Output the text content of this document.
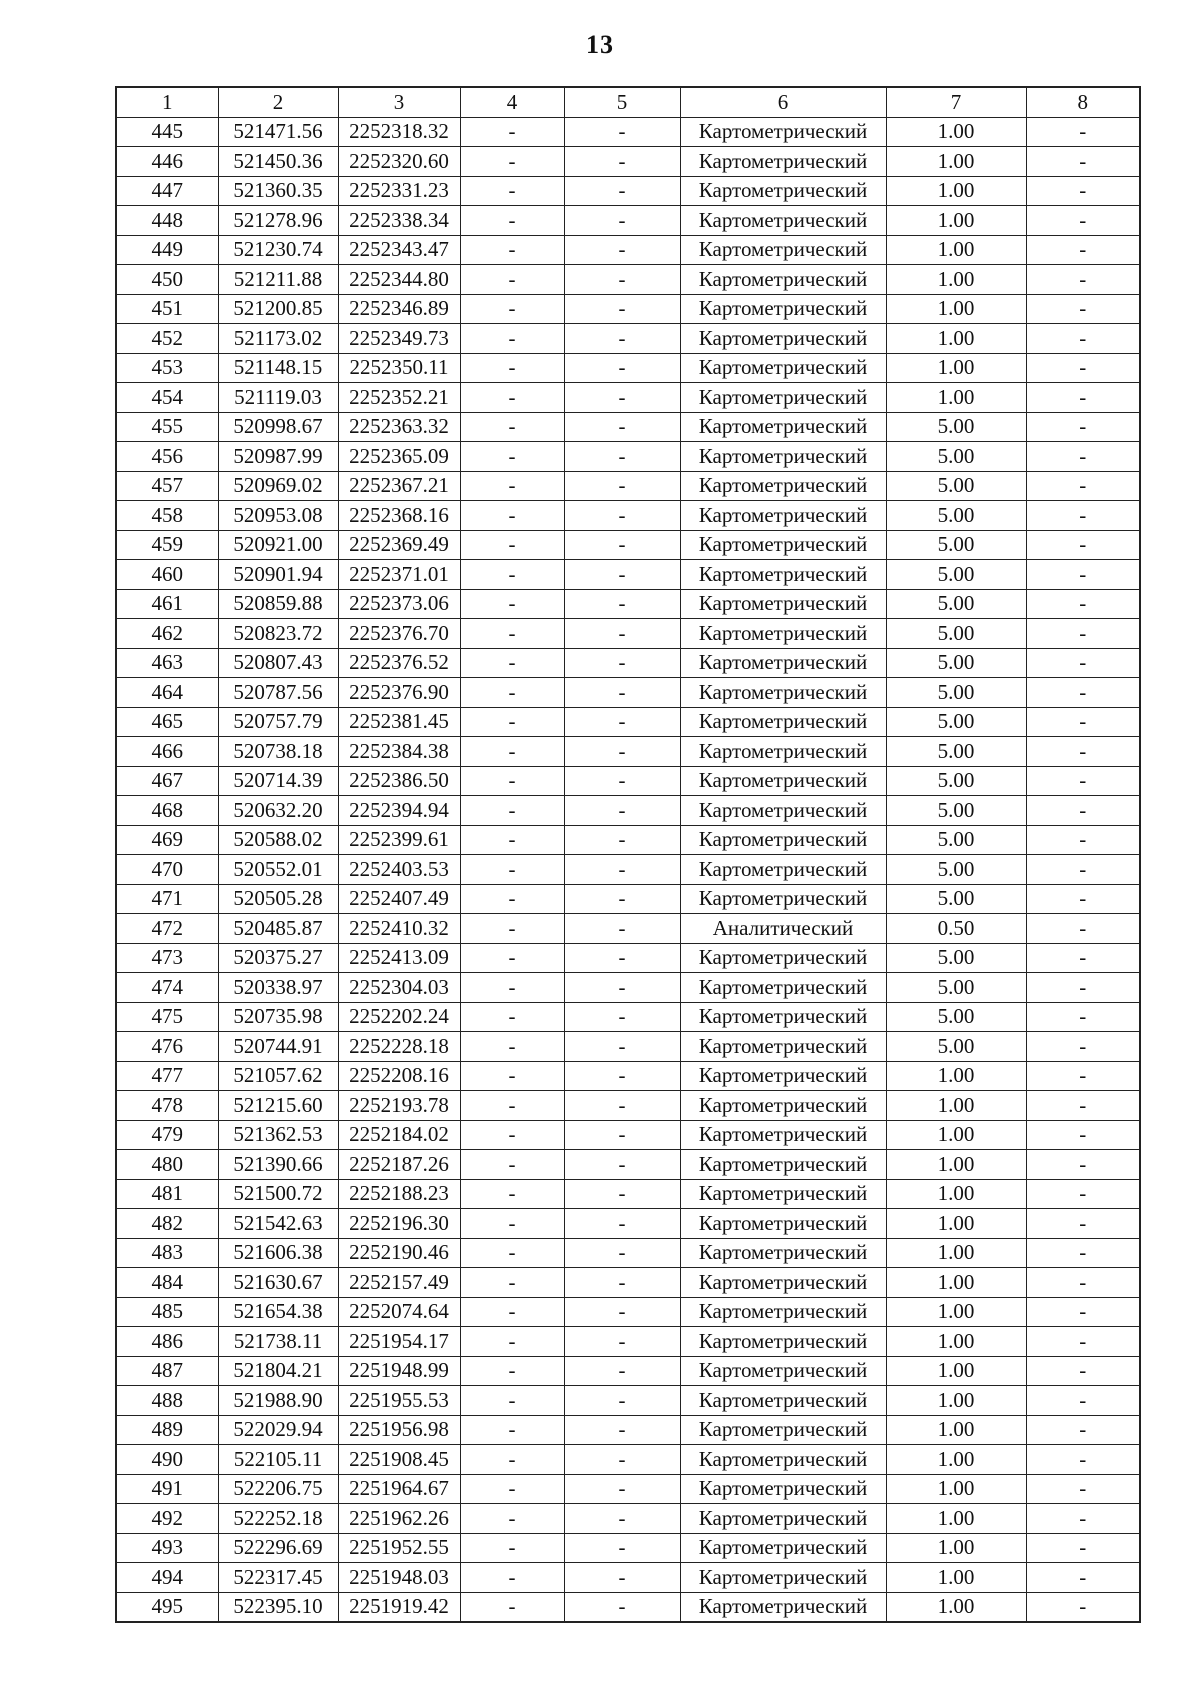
13
1	2	3	4	5	6	7	8
445	521471.56	2252318.32	-	-	Картометрический	1.00	-
446	521450.36	2252320.60	-	-	Картометрический	1.00	-
447	521360.35	2252331.23	-	-	Картометрический	1.00	-
448	521278.96	2252338.34	-	-	Картометрический	1.00	-
449	521230.74	2252343.47	-	-	Картометрический	1.00	-
450	521211.88	2252344.80	-	-	Картометрический	1.00	-
451	521200.85	2252346.89	-	-	Картометрический	1.00	-
452	521173.02	2252349.73	-	-	Картометрический	1.00	-
453	521148.15	2252350.11	-	-	Картометрический	1.00	-
454	521119.03	2252352.21	-	-	Картометрический	1.00	-
455	520998.67	2252363.32	-	-	Картометрический	5.00	-
456	520987.99	2252365.09	-	-	Картометрический	5.00	-
457	520969.02	2252367.21	-	-	Картометрический	5.00	-
458	520953.08	2252368.16	-	-	Картометрический	5.00	-
459	520921.00	2252369.49	-	-	Картометрический	5.00	-
460	520901.94	2252371.01	-	-	Картометрический	5.00	-
461	520859.88	2252373.06	-	-	Картометрический	5.00	-
462	520823.72	2252376.70	-	-	Картометрический	5.00	-
463	520807.43	2252376.52	-	-	Картометрический	5.00	-
464	520787.56	2252376.90	-	-	Картометрический	5.00	-
465	520757.79	2252381.45	-	-	Картометрический	5.00	-
466	520738.18	2252384.38	-	-	Картометрический	5.00	-
467	520714.39	2252386.50	-	-	Картометрический	5.00	-
468	520632.20	2252394.94	-	-	Картометрический	5.00	-
469	520588.02	2252399.61	-	-	Картометрический	5.00	-
470	520552.01	2252403.53	-	-	Картометрический	5.00	-
471	520505.28	2252407.49	-	-	Картометрический	5.00	-
472	520485.87	2252410.32	-	-	Аналитический	0.50	-
473	520375.27	2252413.09	-	-	Картометрический	5.00	-
474	520338.97	2252304.03	-	-	Картометрический	5.00	-
475	520735.98	2252202.24	-	-	Картометрический	5.00	-
476	520744.91	2252228.18	-	-	Картометрический	5.00	-
477	521057.62	2252208.16	-	-	Картометрический	1.00	-
478	521215.60	2252193.78	-	-	Картометрический	1.00	-
479	521362.53	2252184.02	-	-	Картометрический	1.00	-
480	521390.66	2252187.26	-	-	Картометрический	1.00	-
481	521500.72	2252188.23	-	-	Картометрический	1.00	-
482	521542.63	2252196.30	-	-	Картометрический	1.00	-
483	521606.38	2252190.46	-	-	Картометрический	1.00	-
484	521630.67	2252157.49	-	-	Картометрический	1.00	-
485	521654.38	2252074.64	-	-	Картометрический	1.00	-
486	521738.11	2251954.17	-	-	Картометрический	1.00	-
487	521804.21	2251948.99	-	-	Картометрический	1.00	-
488	521988.90	2251955.53	-	-	Картометрический	1.00	-
489	522029.94	2251956.98	-	-	Картометрический	1.00	-
490	522105.11	2251908.45	-	-	Картометрический	1.00	-
491	522206.75	2251964.67	-	-	Картометрический	1.00	-
492	522252.18	2251962.26	-	-	Картометрический	1.00	-
493	522296.69	2251952.55	-	-	Картометрический	1.00	-
494	522317.45	2251948.03	-	-	Картометрический	1.00	-
495	522395.10	2251919.42	-	-	Картометрический	1.00	-
